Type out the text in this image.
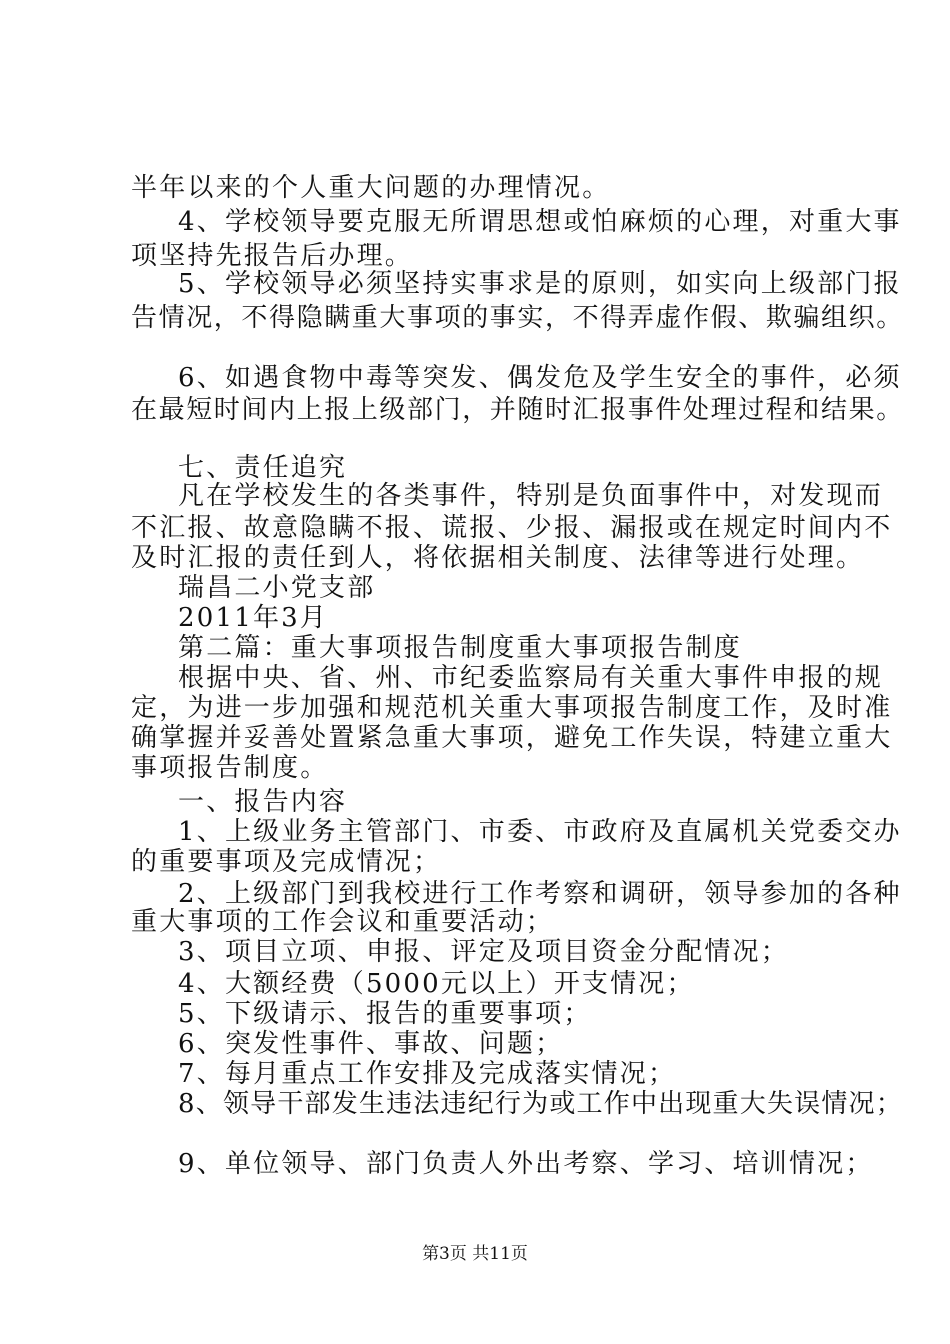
半年以来的个人重大问题的办理情况。
4、学校领导要克服无所谓思想或怕麻烦的心理，对重大事
项坚持先报告后办理。
5、学校领导必须坚持实事求是的原则，如实向上级部门报
告情况，不得隐瞒重大事项的事实，不得弄虚作假、欺骗组织。
6、如遇食物中毒等突发、偶发危及学生安全的事件，必须
在最短时间内上报上级部门，并随时汇报事件处理过程和结果。
七、责任追究
凡在学校发生的各类事件，特别是负面事件中，对发现而
不汇报、故意隐瞒不报、谎报、少报、漏报或在规定时间内不
及时汇报的责任到人，将依据相关制度、法律等进行处理。
瑞昌二小党支部
2011年3月
第二篇：重大事项报告制度重大事项报告制度
根据中央、省、州、市纪委监察局有关重大事件申报的规
定，为进一步加强和规范机关重大事项报告制度工作，及时准
确掌握并妥善处置紧急重大事项，避免工作失误，特建立重大
事项报告制度。
一、报告内容
1、上级业务主管部门、市委、市政府及直属机关党委交办
的重要事项及完成情况；
2、上级部门到我校进行工作考察和调研，领导参加的各种
重大事项的工作会议和重要活动；
3、项目立项、申报、评定及项目资金分配情况；
4、大额经费（5000元以上）开支情况；
5、下级请示、报告的重要事项；
6、突发性事件、事故、问题；
7、每月重点工作安排及完成落实情况；
8、领导干部发生违法违纪行为或工作中出现重大失误情况；
9、单位领导、部门负责人外出考察、学习、培训情况；
第3页 共11页
